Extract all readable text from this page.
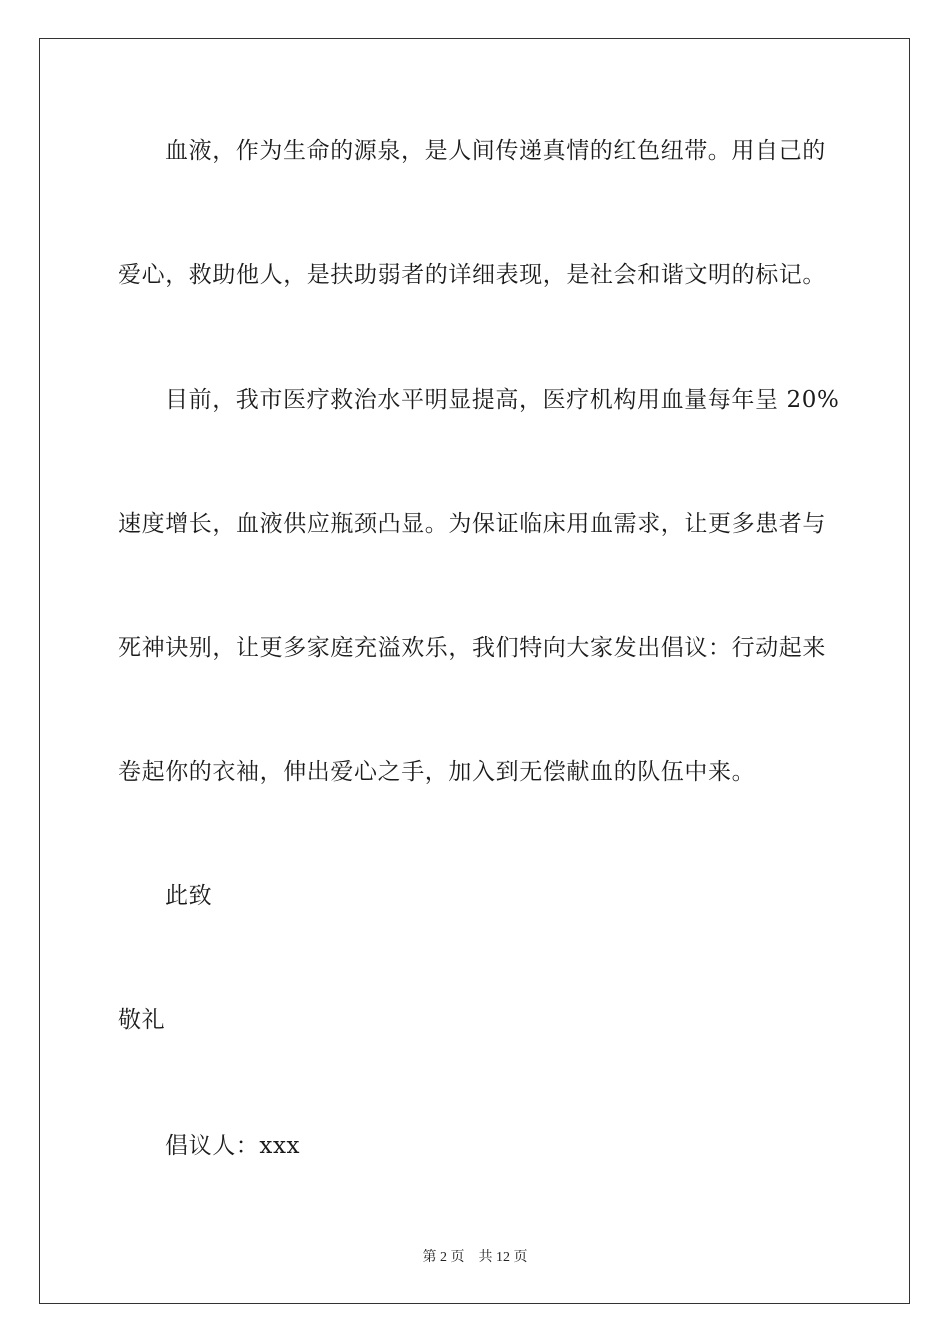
血液，作为生命的源泉，是人间传递真情的红色纽带。用自己的
爱心，救助他人，是扶助弱者的详细表现，是社会和谐文明的标记。
目前，我市医疗救治水平明显提高，医疗机构用血量每年呈 20%
速度增长，血液供应瓶颈凸显。为保证临床用血需求，让更多患者与
死神诀别，让更多家庭充溢欢乐，我们特向大家发出倡议：行动起来
卷起你的衣袖，伸出爱心之手，加入到无偿献血的队伍中来。
此致
敬礼
倡议人：xxx
第 2 页 共 12 页
